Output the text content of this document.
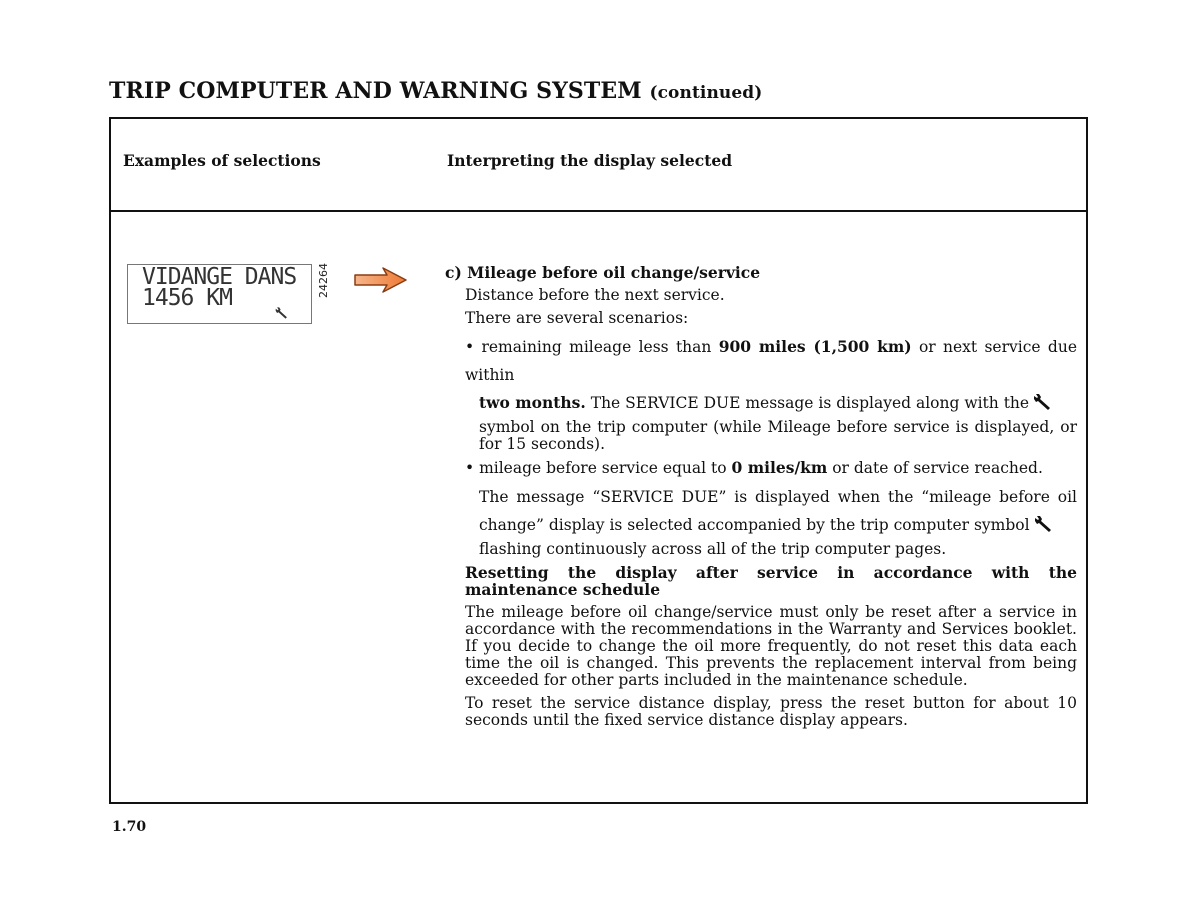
TRIP COMPUTER AND WARNING SYSTEM (continued)
Examples of selections	Interpreting the display selected
VIDANGE DANS
1456 KM	24264	c) Mileage before oil change/service
Distance before the next service.
There are several scenarios:
• remaining mileage less than 900 miles (1,500 km) or next service due within
two months. The SERVICE DUE message is displayed along with the
symbol on the trip computer (while Mileage before service is displayed, or for 15 seconds).
• mileage before service equal to 0 miles/km or date of service reached.
The message “SERVICE DUE” is displayed when the “mileage before oil change” display is selected accompanied by the trip computer symbol
flashing continuously across all of the trip computer pages.
Resetting the display after service in accordance with the maintenance schedule
The mileage before oil change/service must only be reset after a service in accordance with the recommendations in the Warranty and Services booklet. If you decide to change the oil more frequently, do not reset this data each time the oil is changed. This prevents the replacement interval from being exceeded for other parts included in the maintenance schedule.
To reset the service distance display, press the reset button for about 10 seconds until the fixed service distance display appears.
1.70
